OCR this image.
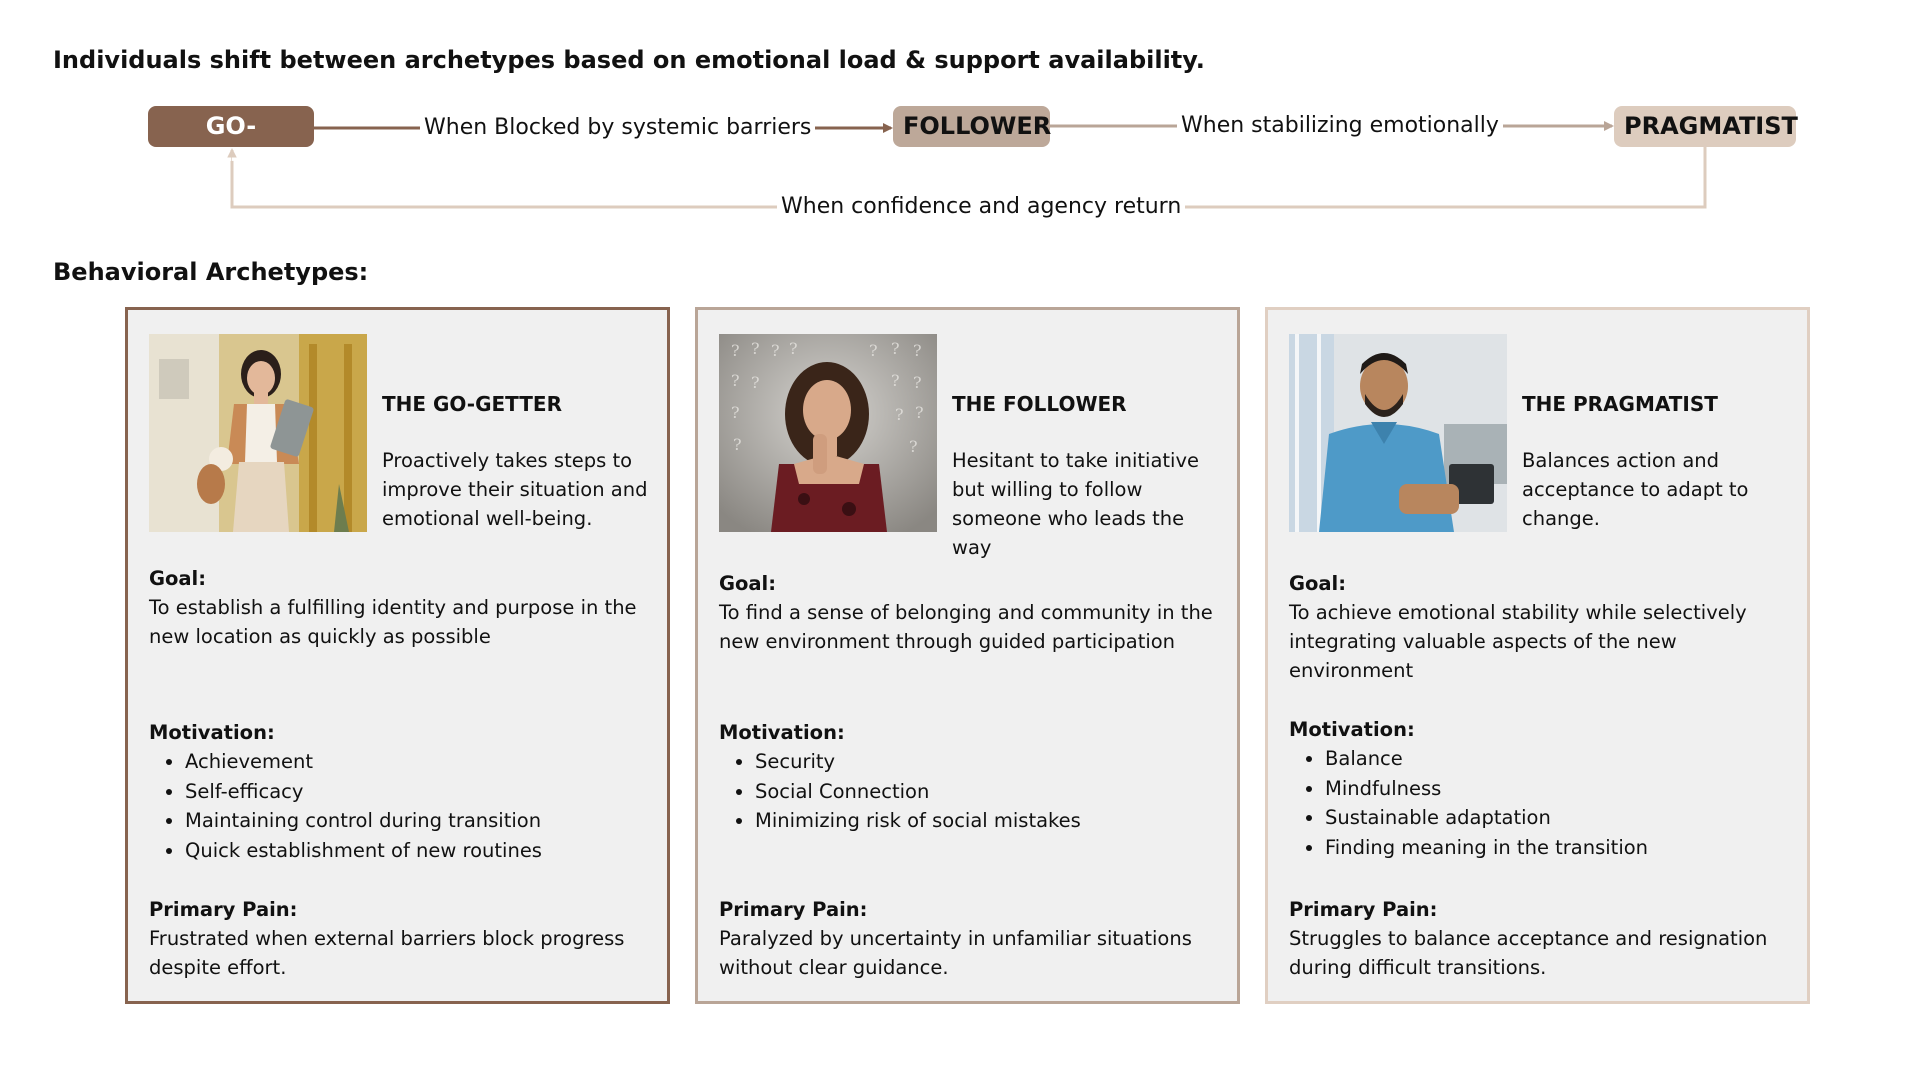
Individuals shift between archetypes based on emotional load & support availability.
GO-GETTER
FOLLOWER	PRAGMATIST
When Blocked by systemic barriers	When stabilizing emotionally
When confidence and agency return
Behavioral Archetypes:
THE GO-GETTER

Proactively takes steps to improve their situation and emotional well-being.

Goal:

To establish a fulfilling identity and purpose in the new location as quickly as possible

Motivation:
• Achievement
• Self-efficacy
• Maintaining control during transition
• Quick establishment of new routines
Primary Pain:

Frustrated when external barriers block progress despite effort.

? ? ? ?	? ? ?
? ?	? ?
?	? ?
?	?
THE FOLLOWER

Hesitant to take initiative but willing to follow someone who leads the way

Goal:

To find a sense of belonging and community in the new environment through guided participation

Motivation:
• Security
• Social Connection
• Minimizing risk of social mistakes
Primary Pain:

Paralyzed by uncertainty in unfamiliar situations without clear guidance.

THE PRAGMATIST

Balances action and acceptance to adapt to change.

Goal:

To achieve emotional stability while selectively integrating valuable aspects of the new environment

Motivation:
• Balance
• Mindfulness
• Sustainable adaptation
• Finding meaning in the transition
Primary Pain:

Struggles to balance acceptance and resignation during difficult transitions.
